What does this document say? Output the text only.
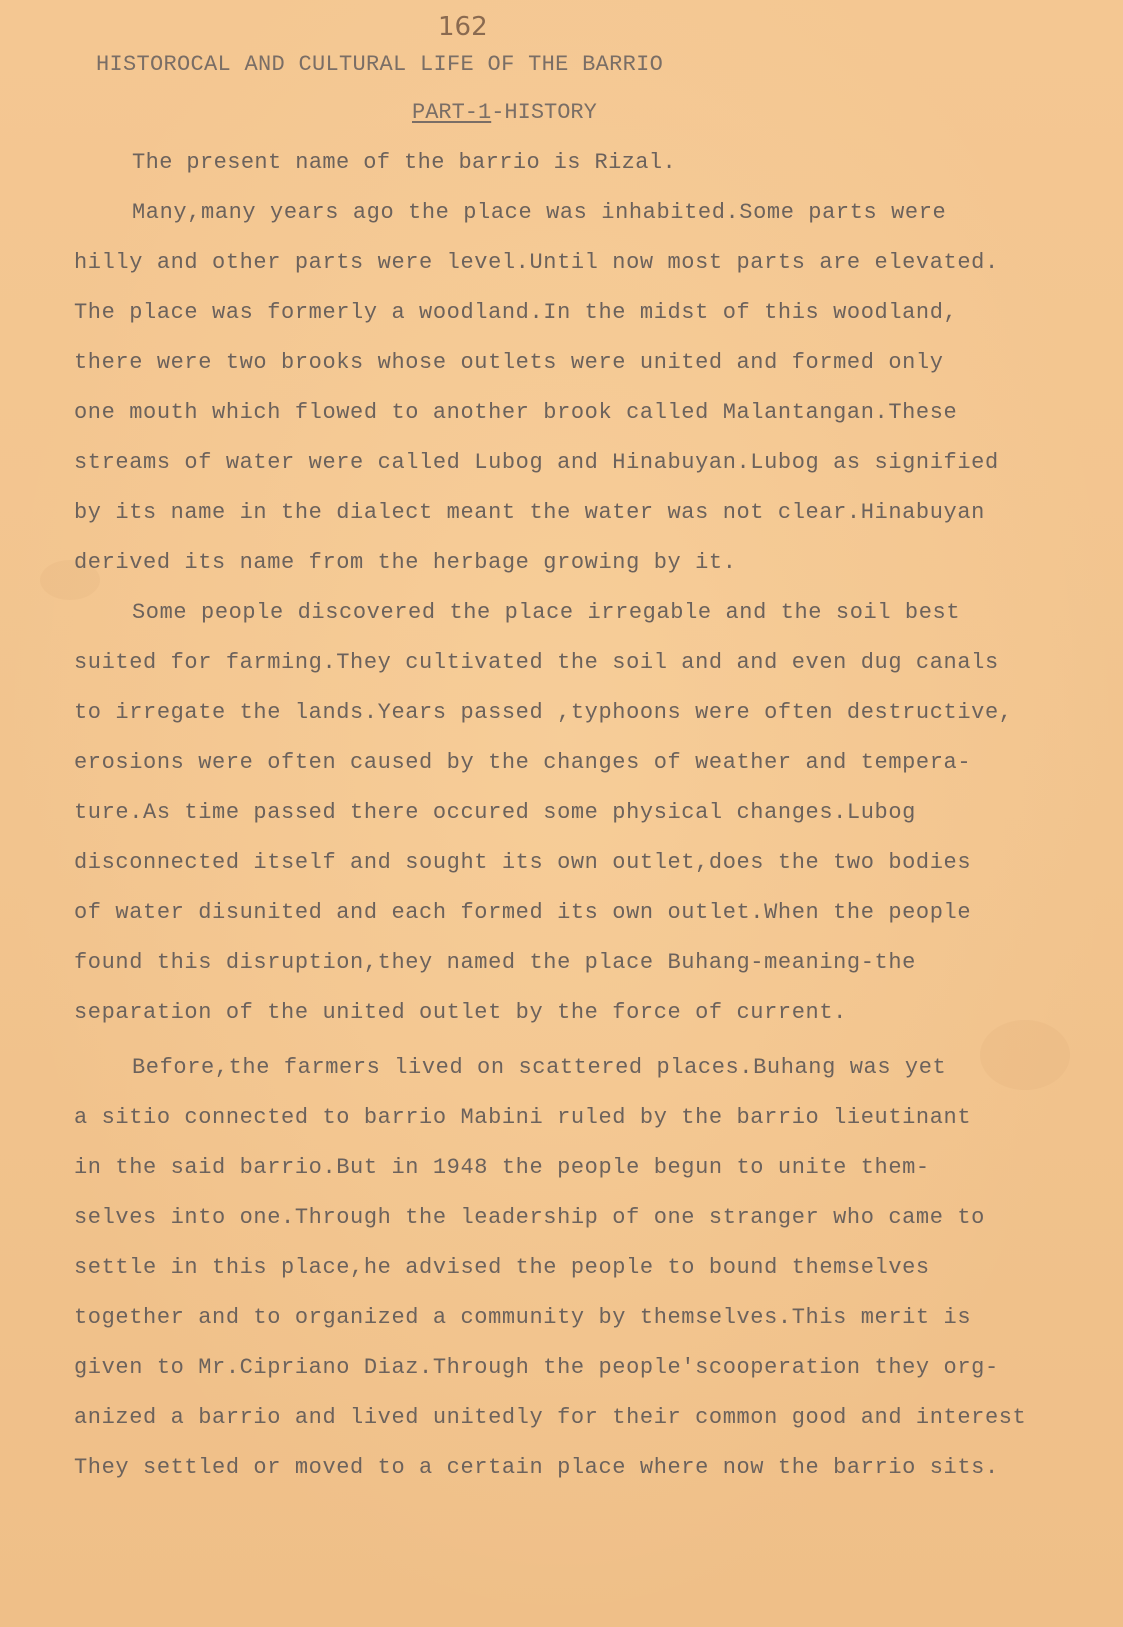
162
HISTOROCAL AND CULTURAL LIFE OF THE BARRIO
PART-1-HISTORY

The present name of the barrio is Rizal.

Many,many years ago the place was inhabited.Some parts were

hilly and other parts were level.Until now most parts are elevated.

The place was formerly a woodland.In the midst of this woodland,

there were two brooks whose outlets were united and formed only

one mouth which flowed to another brook called Malantangan.These

streams of water were called Lubog and Hinabuyan.Lubog as signified

by its name in the dialect meant the water was not clear.Hinabuyan

derived its name from the herbage growing by it.

Some people discovered the place irregable and the soil best

suited for farming.They cultivated the soil and and even dug canals

to irregate the lands.Years passed ,typhoons were often destructive,

erosions were often caused by the changes of weather and tempera-

ture.As time passed there occured some physical changes.Lubog

disconnected itself and sought its own outlet,does the two bodies

of water disunited and each formed its own outlet.When the people

found this disruption,they named the place Buhang-meaning-the

separation of the united outlet by the force of current.

Before,the farmers lived on scattered places.Buhang was yet

a sitio connected to barrio Mabini ruled by the barrio lieutinant

in the said barrio.But in 1948 the people begun to unite them-

selves into one.Through the leadership of one stranger who came to

settle in this place,he advised the people to bound themselves

together and to organized a community by themselves.This merit is

given to Mr.Cipriano Diaz.Through the people'scooperation they org-

anized a barrio and lived unitedly for their common good and interest

They settled or moved to a certain place where now the barrio sits.
